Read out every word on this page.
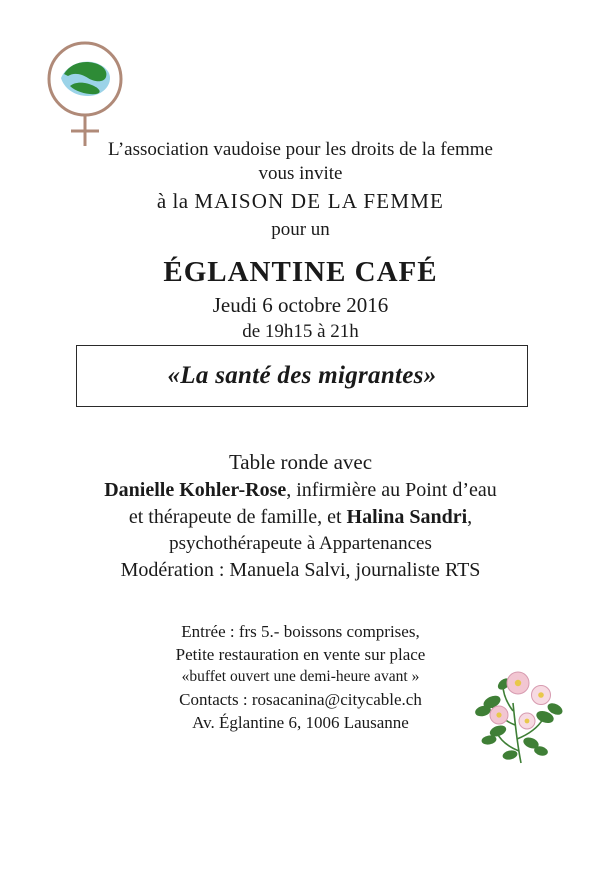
L’association vaudoise pour les droits de la femme
vous invite
à la MAISON DE LA FEMME
pour un
ÉGLANTINE CAFÉ
Jeudi 6 octobre 2016
de 19h15 à 21h
«La santé des migrantes»
Table ronde avec
Danielle Kohler-Rose, infirmière au Point d’eau
et thérapeute de famille, et Halina Sandri,
psychothérapeute à Appartenances
Modération : Manuela Salvi, journaliste RTS
Entrée : frs 5.- boissons comprises,
Petite restauration en vente sur place
«buffet ouvert une demi-heure avant »
Contacts : rosacanina@citycable.ch
Av. Églantine 6, 1006 Lausanne
